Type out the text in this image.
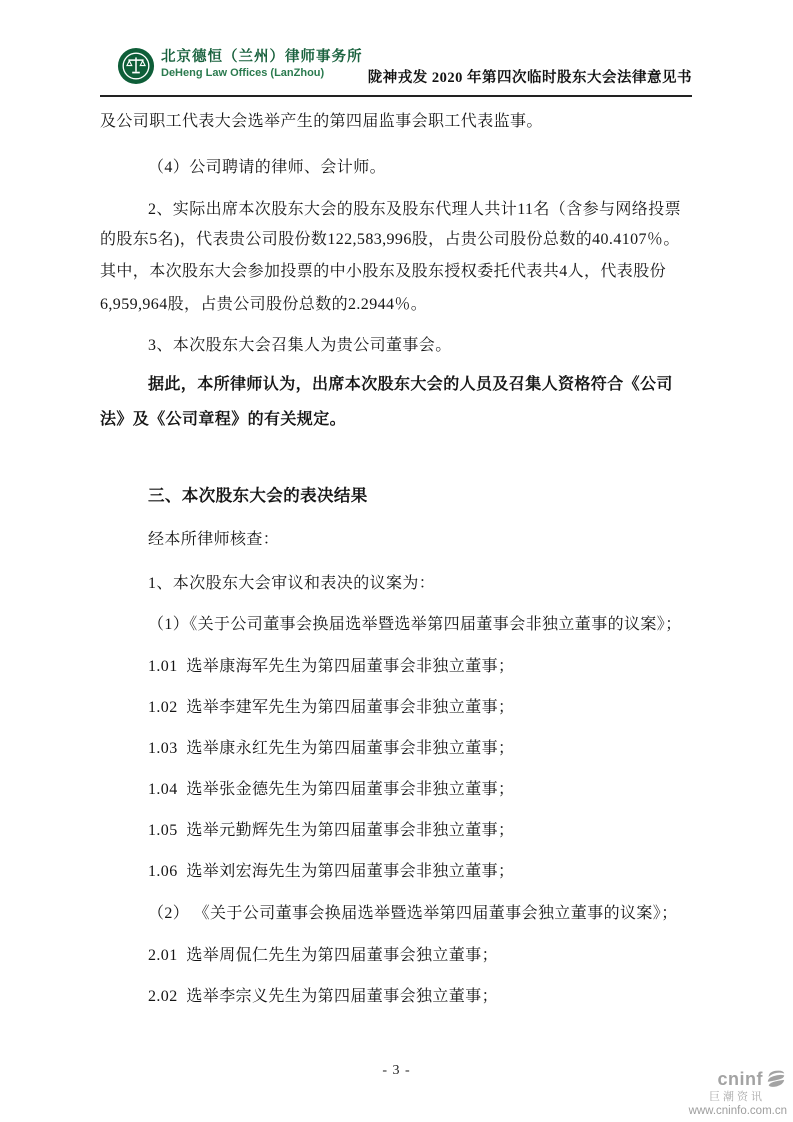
北京德恒（兰州）律师事务所
DeHeng Law Offices (LanZhou)	陇神戎发 2020 年第四次临时股东大会法律意见书
及公司职工代表大会选举产生的第四届监事会职工代表监事。
（4）公司聘请的律师、会计师。
2、实际出席本次股东大会的股东及股东代理人共计11名（含参与网络投票
的股东5名)，代表贵公司股份数122,583,996股，占贵公司股份总数的40.4107％。
其中，本次股东大会参加投票的中小股东及股东授权委托代表共4人，代表股份
6,959,964股，占贵公司股份总数的2.2944％。
3、本次股东大会召集人为贵公司董事会。
据此，本所律师认为，出席本次股东大会的人员及召集人资格符合《公司
法》及《公司章程》的有关规定。
三、本次股东大会的表决结果
经本所律师核查：
1、本次股东大会审议和表决的议案为：
（1）《关于公司董事会换届选举暨选举第四届董事会非独立董事的议案》；
1.01  选举康海军先生为第四届董事会非独立董事；
1.02  选举李建军先生为第四届董事会非独立董事；
1.03  选举康永红先生为第四届董事会非独立董事；
1.04  选举张金德先生为第四届董事会非独立董事；
1.05  选举元勤辉先生为第四届董事会非独立董事；
1.06  选举刘宏海先生为第四届董事会非独立董事；
（2） 《关于公司董事会换届选举暨选举第四届董事会独立董事的议案》；
2.01  选举周侃仁先生为第四届董事会独立董事；
2.02  选举李宗义先生为第四届董事会独立董事；
- 3 -	cninf
巨潮资讯
www.cninfo.com.cn
